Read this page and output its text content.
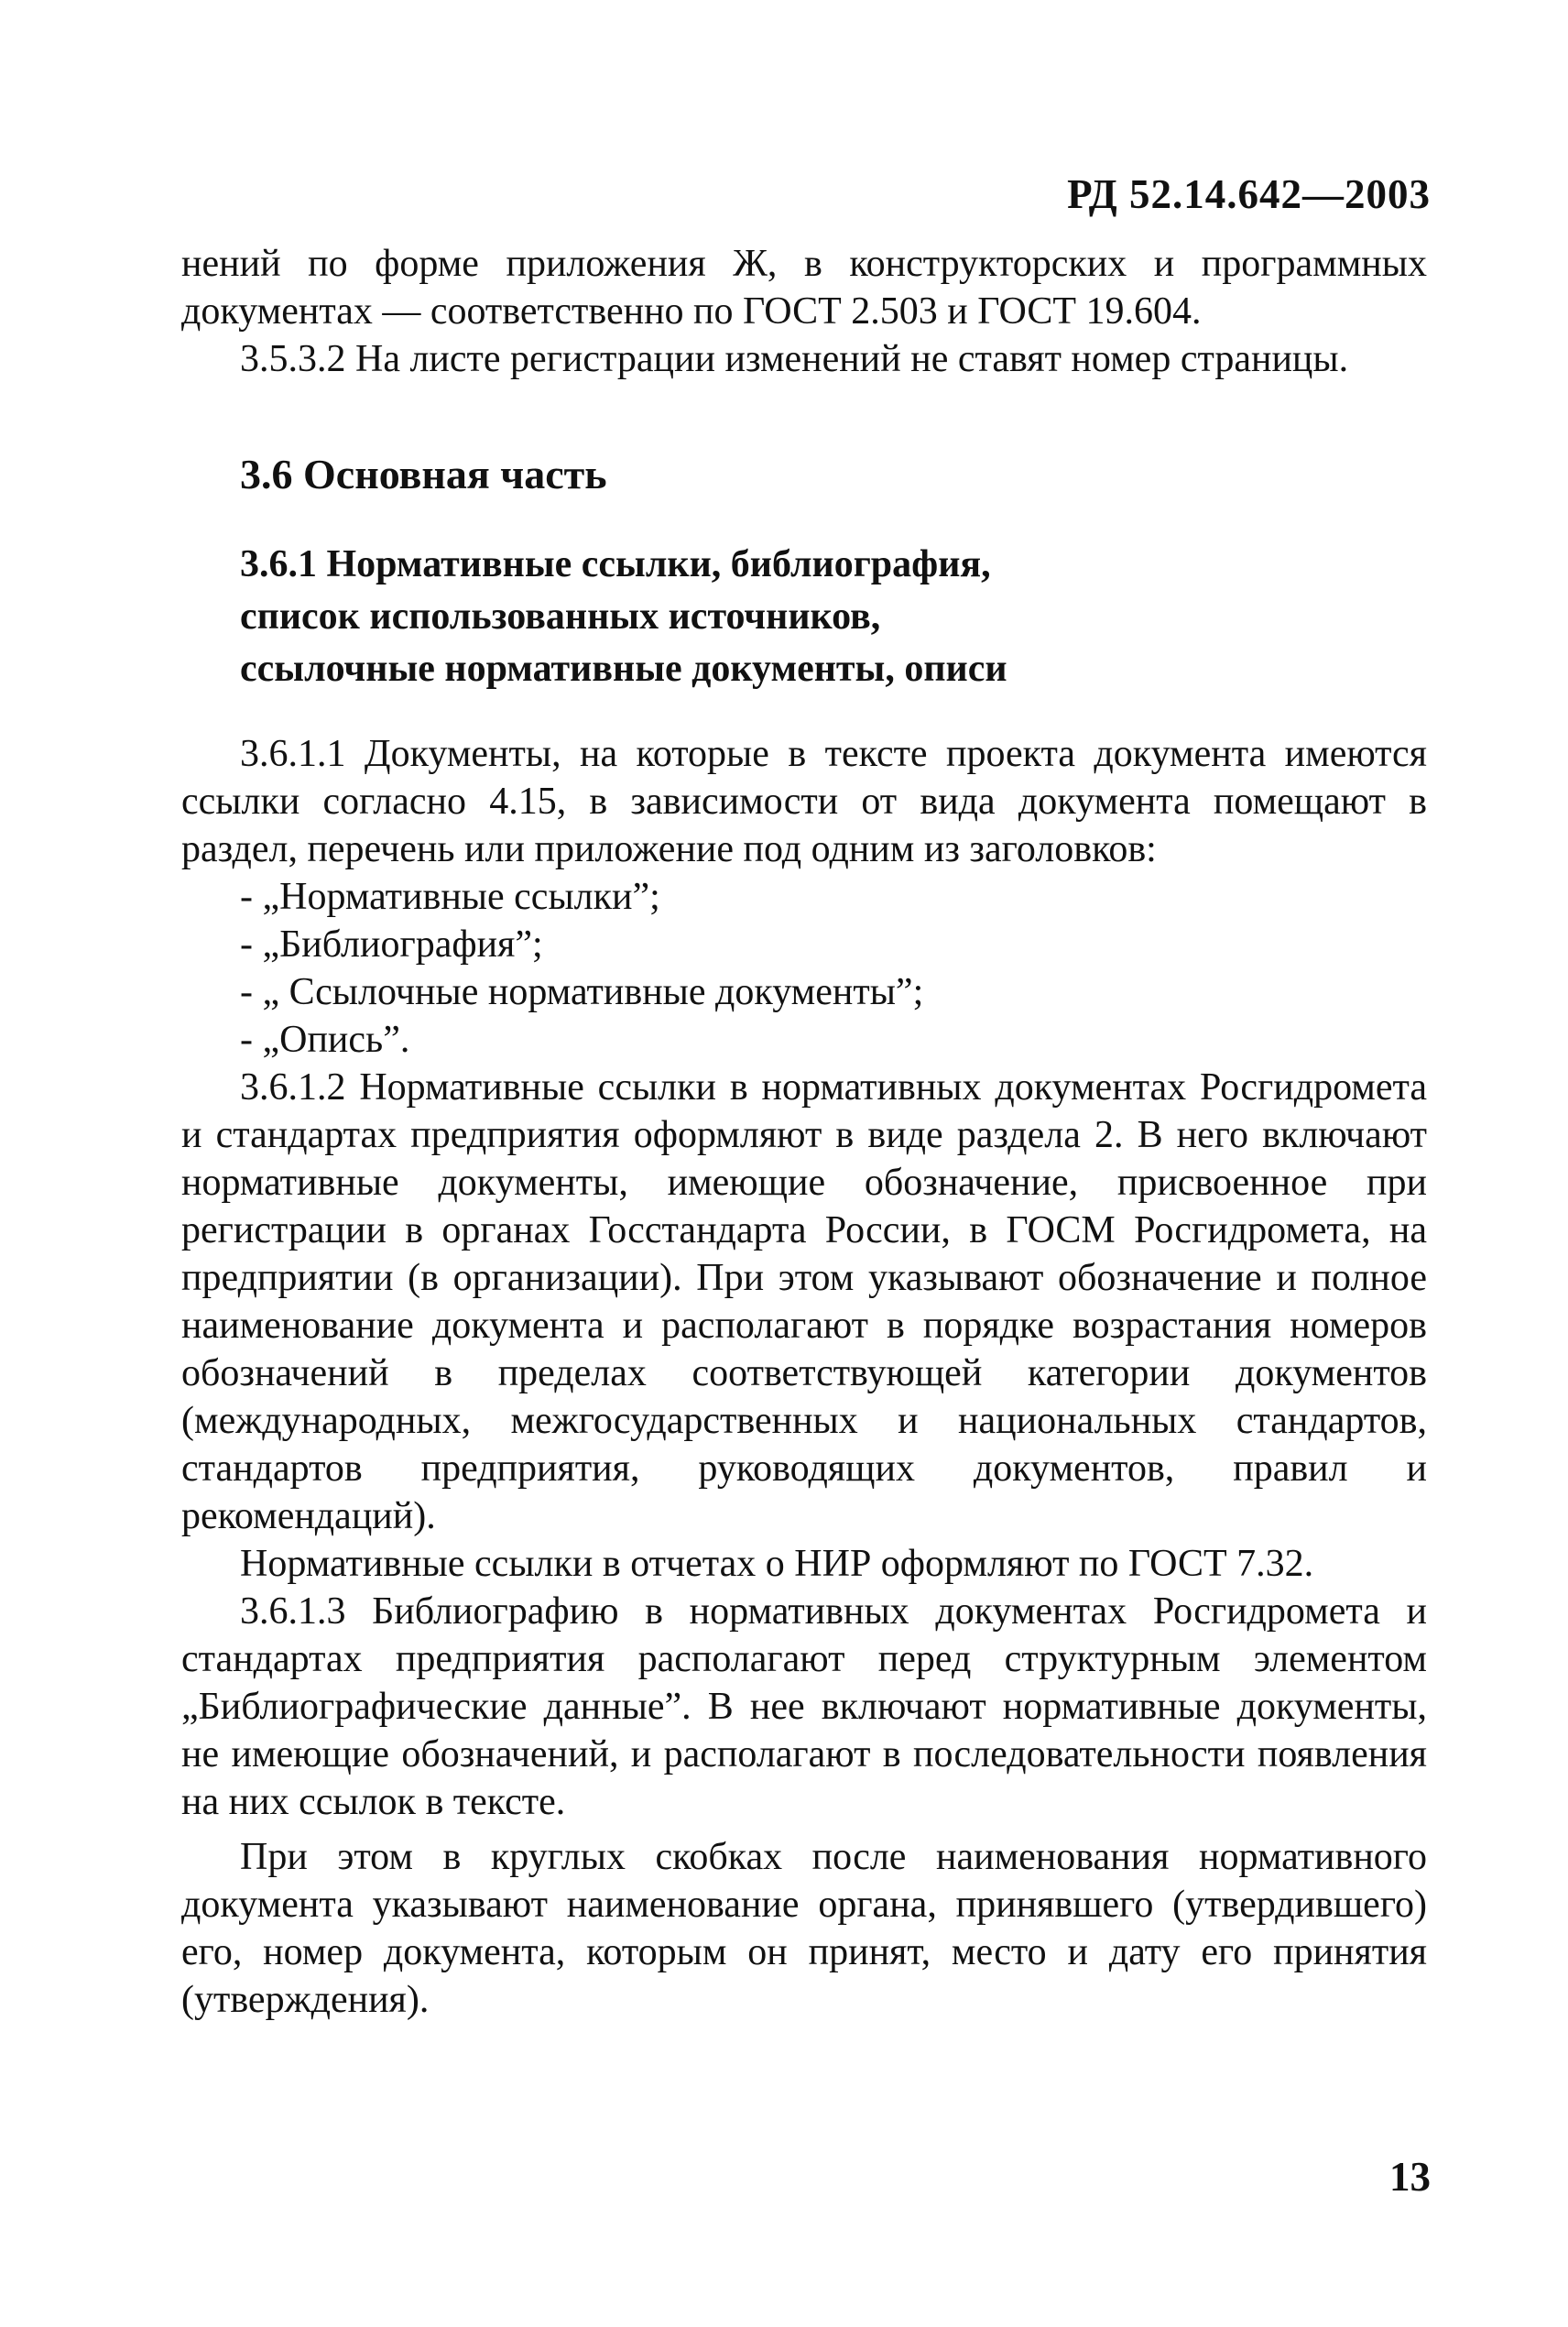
РД 52.14.642—2003

нений по форме приложения Ж, в конструкторских и программных документах — соответственно по ГОСТ 2.503 и ГОСТ 19.604.

3.5.3.2 На листе регистрации изменений не ставят номер страницы.

3.6 Основная часть
3.6.1 Нормативные ссылки, библиография,
список использованных источников,
ссылочные нормативные документы, описи

3.6.1.1 Документы, на которые в тексте проекта документа имеются ссылки согласно 4.15, в зависимости от вида документа помещают в раздел, перечень или приложение под одним из заголовков:

- „Нормативные ссылки”;

- „Библиография”;

- „ Ссылочные нормативные документы”;

- „Опись”.

3.6.1.2 Нормативные ссылки в нормативных документах Росгидромета и стандартах предприятия оформляют в виде раздела 2. В него включают нормативные документы, имеющие обозначение, присвоенное при регистрации в органах Госстандарта России, в ГОСМ Росгидромета, на предприятии (в организации). При этом указывают обозначение и полное наименование документа и располагают в порядке возрастания номеров обозначений в пределах соответствующей категории документов (международных, межгосударственных и национальных стандартов, стандартов предприятия, руководящих документов, правил и рекомендаций).

Нормативные ссылки в отчетах о НИР оформляют по ГОСТ 7.32.

3.6.1.3 Библиографию в нормативных документах Росгидромета и стандартах предприятия располагают перед структурным элементом „Библиографические данные”. В нее включают нормативные документы, не имеющие обозначений, и располагают в последовательности появления на них ссылок в тексте.

При этом в круглых скобках после наименования нормативного документа указывают наименование органа, принявшего (утвердившего) его, номер документа, которым он принят, место и дату его принятия (утверждения).

13
